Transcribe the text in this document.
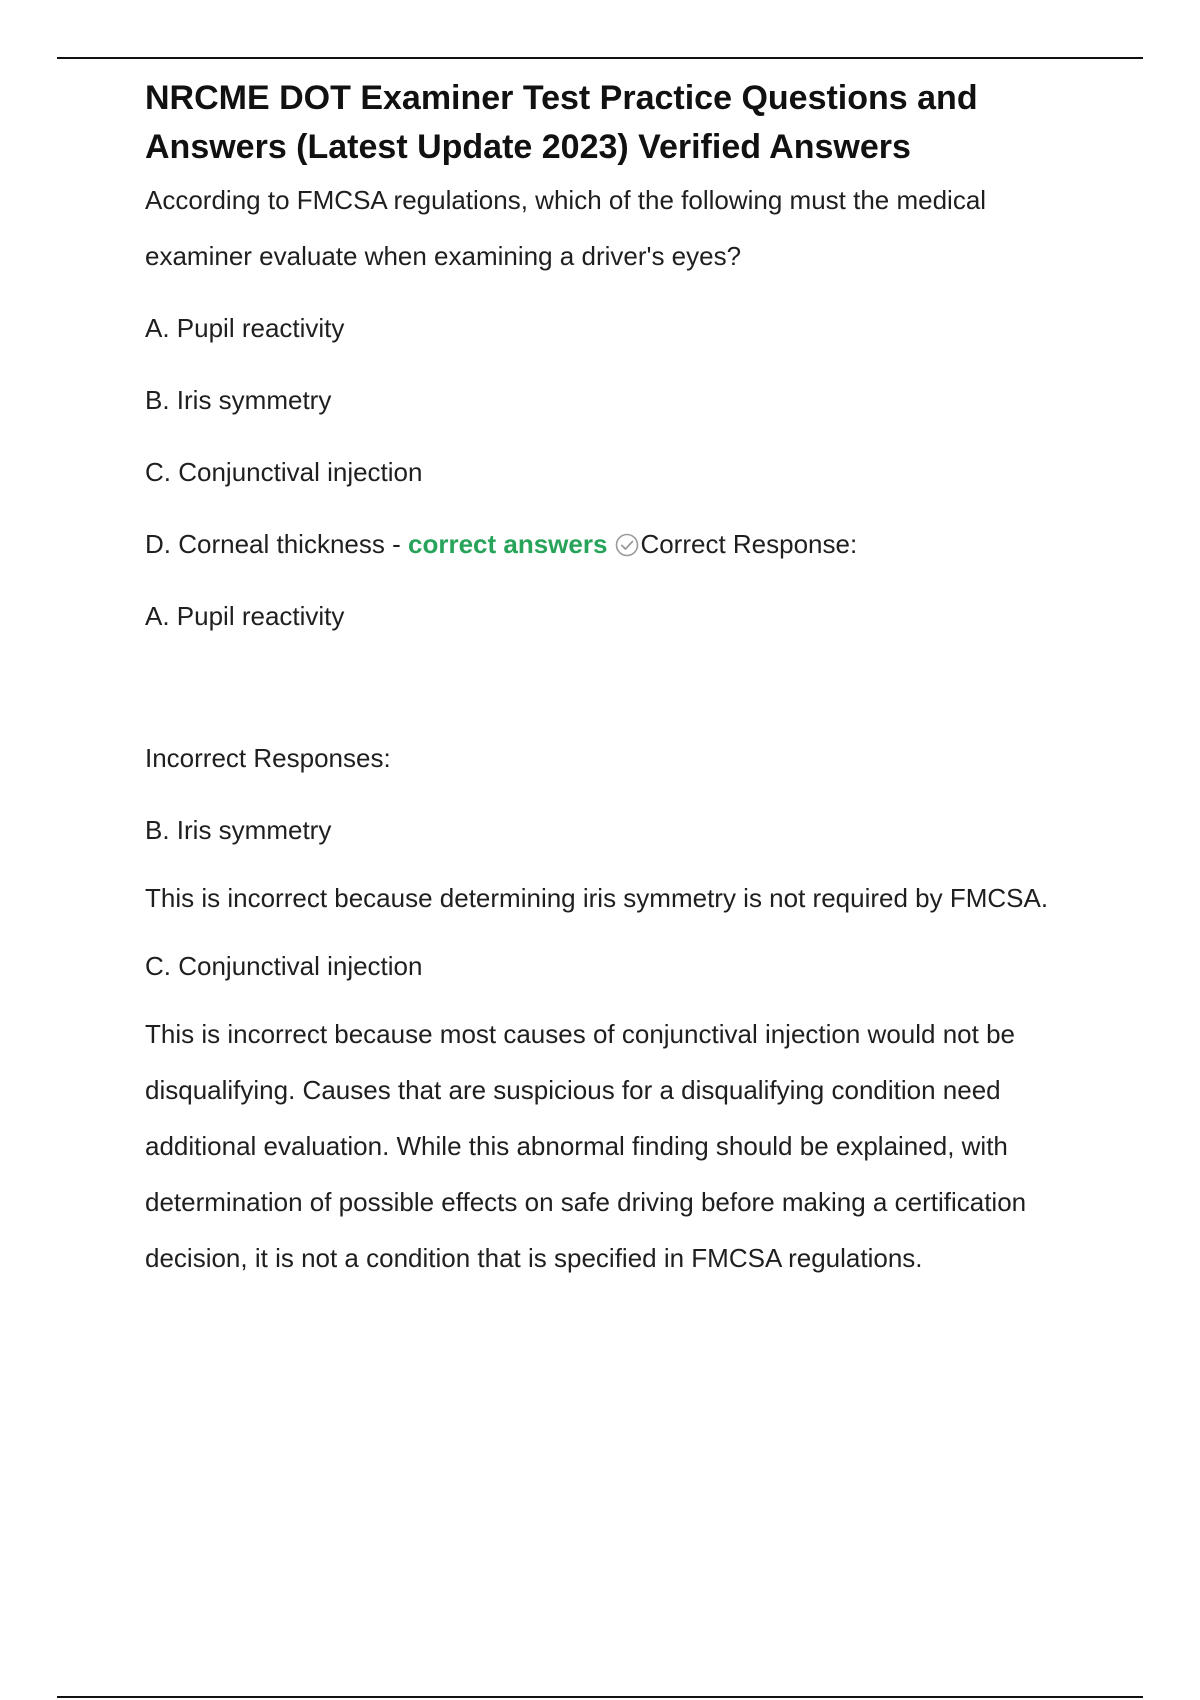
NRCME DOT Examiner Test Practice Questions and Answers (Latest Update 2023) Verified Answers

According to FMCSA regulations, which of the following must the medical examiner evaluate when examining a driver's eyes?

A. Pupil reactivity

B. Iris symmetry

C. Conjunctival injection

D. Corneal thickness - correct answers Correct Response:

A. Pupil reactivity

Incorrect Responses:

B. Iris symmetry

This is incorrect because determining iris symmetry is not required by FMCSA.

C. Conjunctival injection

This is incorrect because most causes of conjunctival injection would not be disqualifying. Causes that are suspicious for a disqualifying condition need additional evaluation. While this abnormal finding should be explained, with determination of possible effects on safe driving before making a certification decision, it is not a condition that is specified in FMCSA regulations.
